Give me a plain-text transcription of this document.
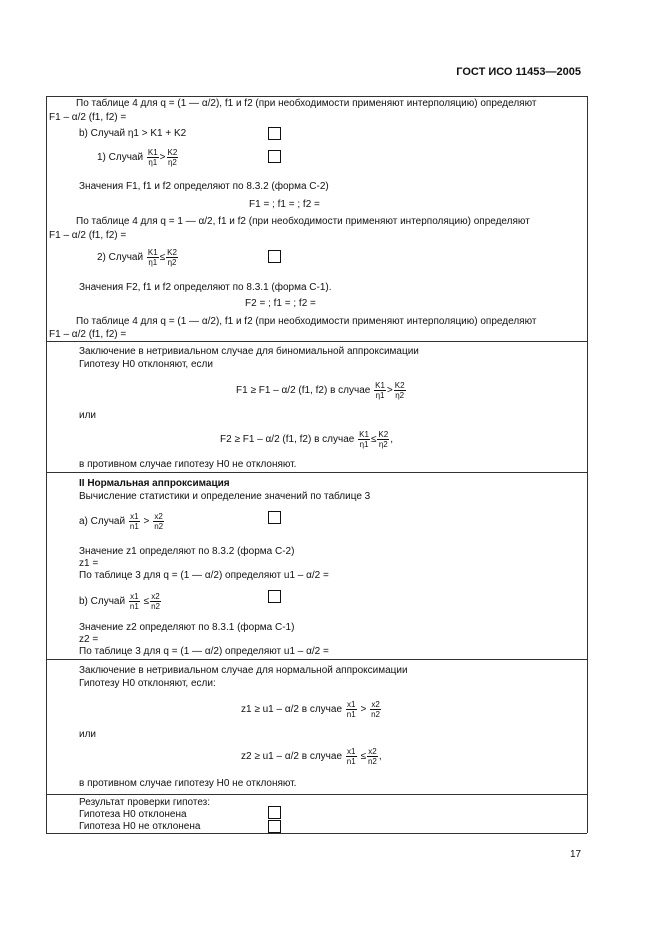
ГОСТ ИСО 11453—2005
По таблице 4 для q = (1 — α/2), f1 и f2 (при необходимости применяют интерполяцию) определяют
F1 – α/2 (f1, f2) =
b) Случай η1 > K1 + K2
1) Случай $\frac{K1}{\eta 1} > \frac{K2}{\eta 2}$
Значения F1, f1 и f2 определяют по 8.3.2 (форма С-2)
F1 = ; f1 = ; f2 =
По таблице 4 для q = 1 — α/2, f1 и f2 (при необходимости применяют интерполяцию) определяют
F1 – α/2 (f1, f2) =
2) Случай $\frac{K1}{\eta 1} \le \frac{K2}{\eta 2}$
Значения F2, f1 и f2 определяют по 8.3.1 (форма С-1).
F2 = ; f1 = ; f2 =
По таблице 4 для q = (1 — α/2), f1 и f2 (при необходимости применяют интерполяцию) определяют
F1 – α/2 (f1, f2) =
Заключение в нетривиальном случае для биномиальной аппроксимации
Гипотезу H0 отклоняют, если
F1 ≥ F1 – α/2 (f1, f2) в случае $\frac{K1}{\eta 1} > \frac{K2}{\eta 2}$
или
F2 ≥ F1 – α/2 (f1, f2) в случае $\frac{K1}{\eta 1} \le \frac{K2}{\eta 2}$ ,
в противном случае гипотезу H0 не отклоняют.
II Нормальная аппроксимация
Вычисление статистики и определение значений по таблице 3
a) Случай $\frac{x1}{n1} > \frac{x2}{n2}$
Значение z1 определяют по 8.3.2 (форма С-2)
z1 =
По таблице 3 для q = (1 — α/2) определяют u1 – α/2 =
b) Случай $\frac{x1}{n1} \le \frac{x2}{n2}$
Значение z2 определяют по 8.3.1 (форма С-1)
z2 =
По таблице 3 для q = (1 — α/2) определяют u1 – α/2 =
Заключение в нетривиальном случае для нормальной аппроксимации
Гипотезу H0 отклоняют, если:
z1 ≥ u1 – α/2 в случае $\frac{x1}{n1} > \frac{x2}{n2}$
или
z2 ≥ u1 – α/2 в случае $\frac{x1}{n1} \le \frac{x2}{n2}$ ,
в противном случае гипотезу H0 не отклоняют.
Результат проверки гипотез:
Гипотеза H0 отклонена
Гипотеза H0 не отклонена
17
